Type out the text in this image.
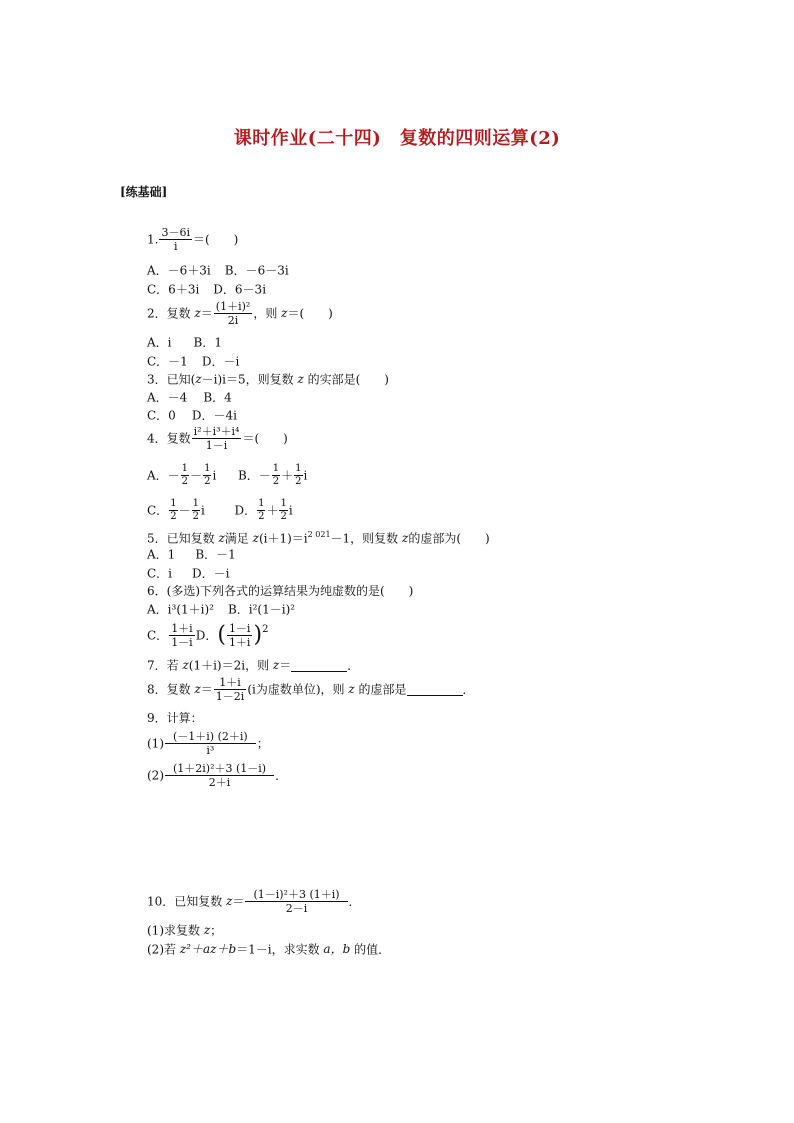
课时作业(二十四)　复数的四则运算(2)
[练基础]
1. $\frac{3-6i}{i}$ ＝(　　)
A．－6＋3i B．－6－3i
C．6＋3i D．6－3i
2．复数 $z= \frac{\text{(1＋i)²}}{2i}$ ，则 z＝(　　)
A．i B．1
C．－1 D．－i
3．已知(z－i)i＝5，则复数 z 的实部是(　　)
A．－4 B．4
C．0 D．－4i
4．复数 $\frac{\text{i²＋i³＋i⁴}}{1-i}$ ＝(　　)
A．－ $\frac{1}{2} - \frac{1}{2}$ i B．－ $\frac{1}{2} + \frac{1}{2}$ i
C． $\frac{1}{2} - \frac{1}{2}$ i D． $\frac{1}{2} + \frac{1}{2}$ i
5．已知复数 z满足 $z(i+1)=i^{2 021}-1$，则复数 z的虚部为(　　)
A．1 B．－1
C．i D．－i
6．(多选)下列各式的运算结果为纯虚数的是(　　)
A．i³(1＋i)² B．i²(1－i)²
C． $\frac{1+i}{1-i}$ D．( $\frac{1-i}{1+i} )^2$
7．若 z(1＋i)＝2i，则 z＝	．
8．复数 $z= \frac{1+i}{1-2i} (i$为虚数单位)，则 z 的虚部是	．
9．计算：
$(1) \frac{(-1+i) (2+i)}{\text{i³}}$ ；
$(2) \frac{\text{(1＋2i)²＋3 (1－i)}}{2+i}$ ．
10．已知复数 $z= \frac{\text{(1－i)²＋3 (1＋i)}}{2-i}$ ．
(1)求复数 z；
(2)若 z²＋az＋b＝1－i，求实数 a，b 的值．
